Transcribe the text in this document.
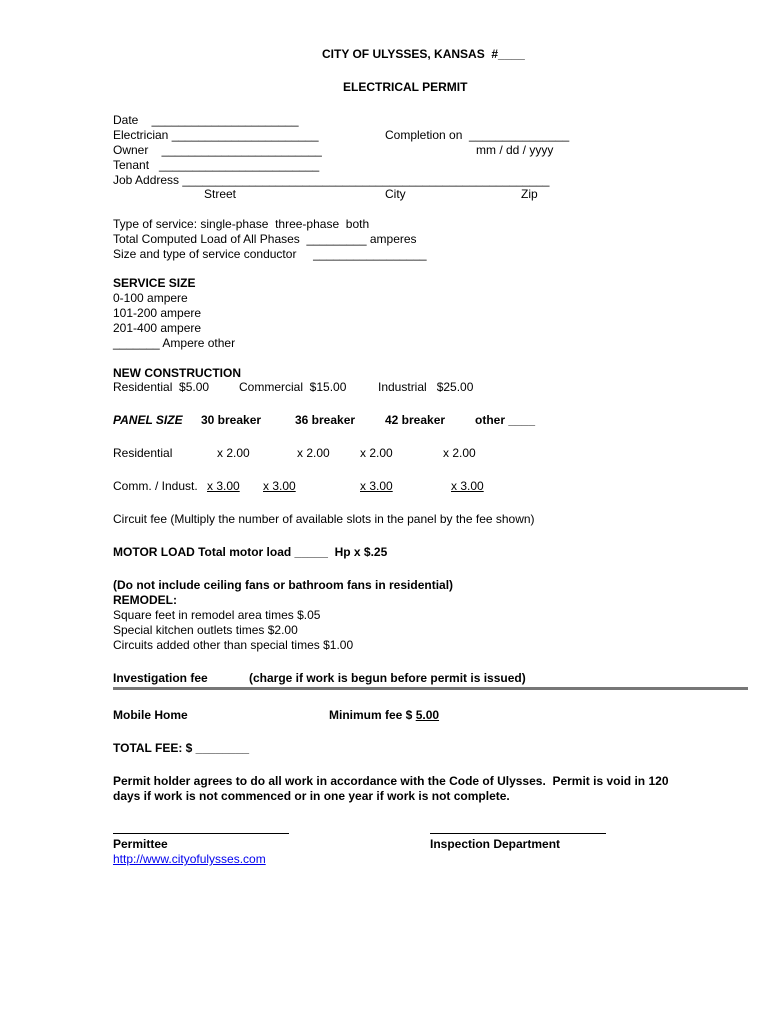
CITY OF ULYSSES, KANSAS  #____
ELECTRICAL PERMIT
Date    ______________________
Electrician ______________________	Completion on  _______________
Owner    ________________________	mm / dd / yyyy
Tenant   ________________________
Job Address _______________________________________________________
Street	City	Zip
Type of service: single-phase  three-phase  both
Total Computed Load of All Phases  _________ amperes
Size and type of service conductor     _________________
SERVICE SIZE
0-100 ampere
101-200 ampere
201-400 ampere
_______ Ampere other
NEW CONSTRUCTION
Residential  $5.00 Commercial  $15.00	Industrial   $25.00
PANEL SIZE 30 breaker	36 breaker 42 breaker other ____
Residential	x 2.00	x 2.00	x 2.00	x 2.00
Comm. / Indust. x 3.00 x 3.00	x 3.00	x 3.00
Circuit fee (Multiply the number of available slots in the panel by the fee shown)
MOTOR LOAD Total motor load _____  Hp x $.25
(Do not include ceiling fans or bathroom fans in residential)
REMODEL:
Square feet in remodel area times $.05
Special kitchen outlets times $2.00
Circuits added other than special times $1.00
Investigation fee	(charge if work is begun before permit is issued)
Mobile Home	Minimum fee $ 5.00
TOTAL FEE: $ ________
Permit holder agrees to do all work in accordance with the Code of Ulysses.  Permit is void in 120
days if work is not commenced or in one year if work is not complete.
Permittee	Inspection Department
http://www.cityofulysses.com
